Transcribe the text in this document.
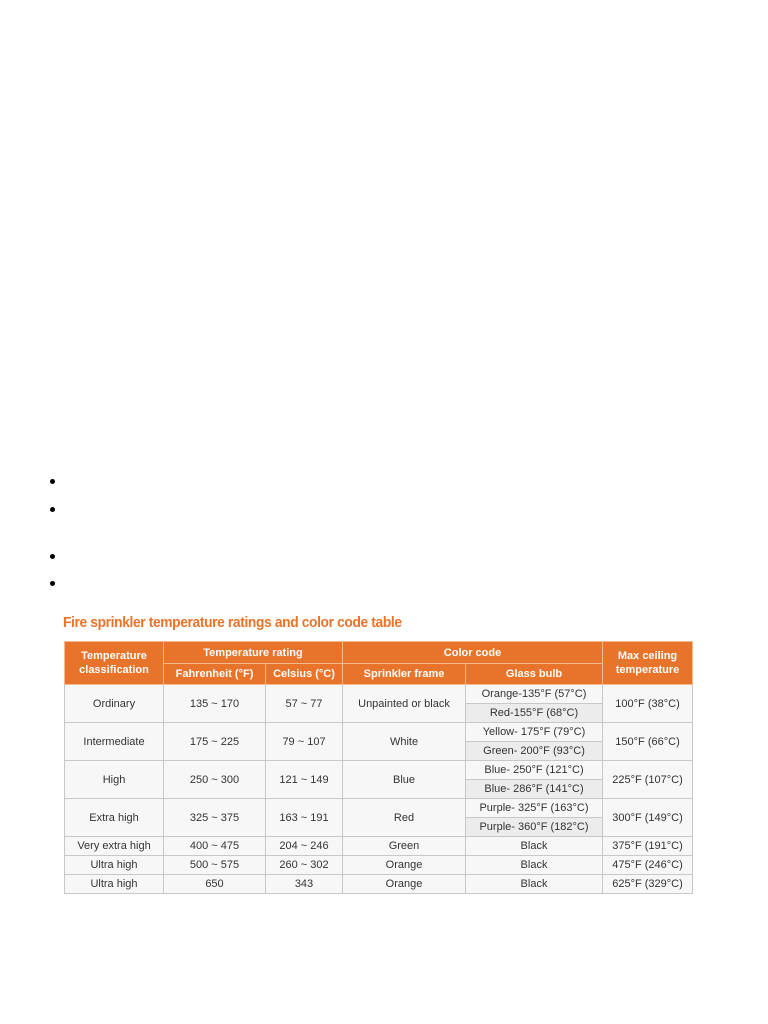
Fire sprinkler temperature ratings and color code table
Temperature classification	Temperature rating		Color code		Max ceiling temperature
	Fahrenheit (°F)	Celsius (°C)	Sprinkler frame	Glass bulb	
Ordinary	135 ~ 170	57 ~ 77	Unpainted or black	Orange-135°F (57°C)	100°F (38°C)
				Red-155°F (68°C)	
Intermediate	175 ~ 225	79 ~ 107	White	Yellow- 175°F (79°C)	150°F (66°C)
				Green- 200°F (93°C)	
High	250 ~ 300	121 ~ 149	Blue	Blue- 250°F (121°C)	225°F (107°C)
				Blue- 286°F (141°C)	
Extra high	325 ~ 375	163 ~ 191	Red	Purple- 325°F (163°C)	300°F (149°C)
				Purple- 360°F (182°C)	
Very extra high	400 ~ 475	204 ~ 246	Green	Black	375°F (191°C)
Ultra high	500 ~ 575	260 ~ 302	Orange	Black	475°F (246°C)
Ultra high	650	343	Orange	Black	625°F (329°C)
